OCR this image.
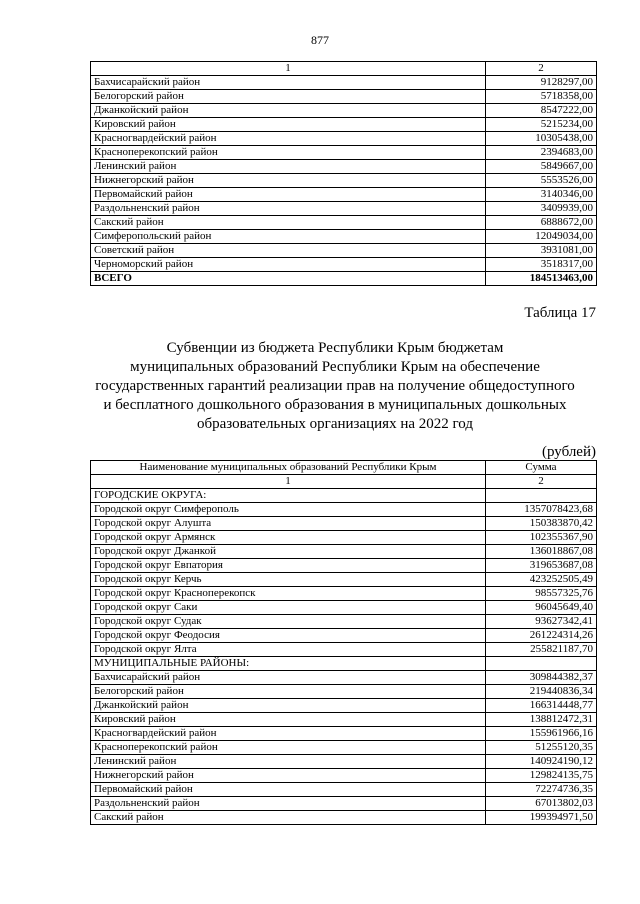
877
1	2
Бахчисарайский район	9128297,00
Белогорский район	5718358,00
Джанкойский район	8547222,00
Кировский район	5215234,00
Красногвардейский район	10305438,00
Красноперекопский район	2394683,00
Ленинский район	5849667,00
Нижнегорский район	5553526,00
Первомайский район	3140346,00
Раздольненский район	3409939,00
Сакский район	6888672,00
Симферопольский район	12049034,00
Советский район	3931081,00
Черноморский район	3518317,00
ВСЕГО	184513463,00
Таблица 17
Субвенции из бюджета Республики Крым бюджетам
муниципальных образований Республики Крым на обеспечение
государственных гарантий реализации прав на получение общедоступного
и бесплатного дошкольного образования в муниципальных дошкольных
образовательных организациях на 2022 год
(рублей)
Наименование муниципальных образований Республики Крым	Сумма
1	2
ГОРОДСКИЕ ОКРУГА:	
Городской округ Симферополь	1357078423,68
Городской округ Алушта	150383870,42
Городской округ Армянск	102355367,90
Городской округ Джанкой	136018867,08
Городской округ Евпатория	319653687,08
Городской округ Керчь	423252505,49
Городской округ Красноперекопск	98557325,76
Городской округ Саки	96045649,40
Городской округ Судак	93627342,41
Городской округ Феодосия	261224314,26
Городской округ Ялта	255821187,70
МУНИЦИПАЛЬНЫЕ РАЙОНЫ:	
Бахчисарайский район	309844382,37
Белогорский район	219440836,34
Джанкойский район	166314448,77
Кировский район	138812472,31
Красногвардейский район	155961966,16
Красноперекопский район	51255120,35
Ленинский район	140924190,12
Нижнегорский район	129824135,75
Первомайский район	72274736,35
Раздольненский район	67013802,03
Сакский район	199394971,50
